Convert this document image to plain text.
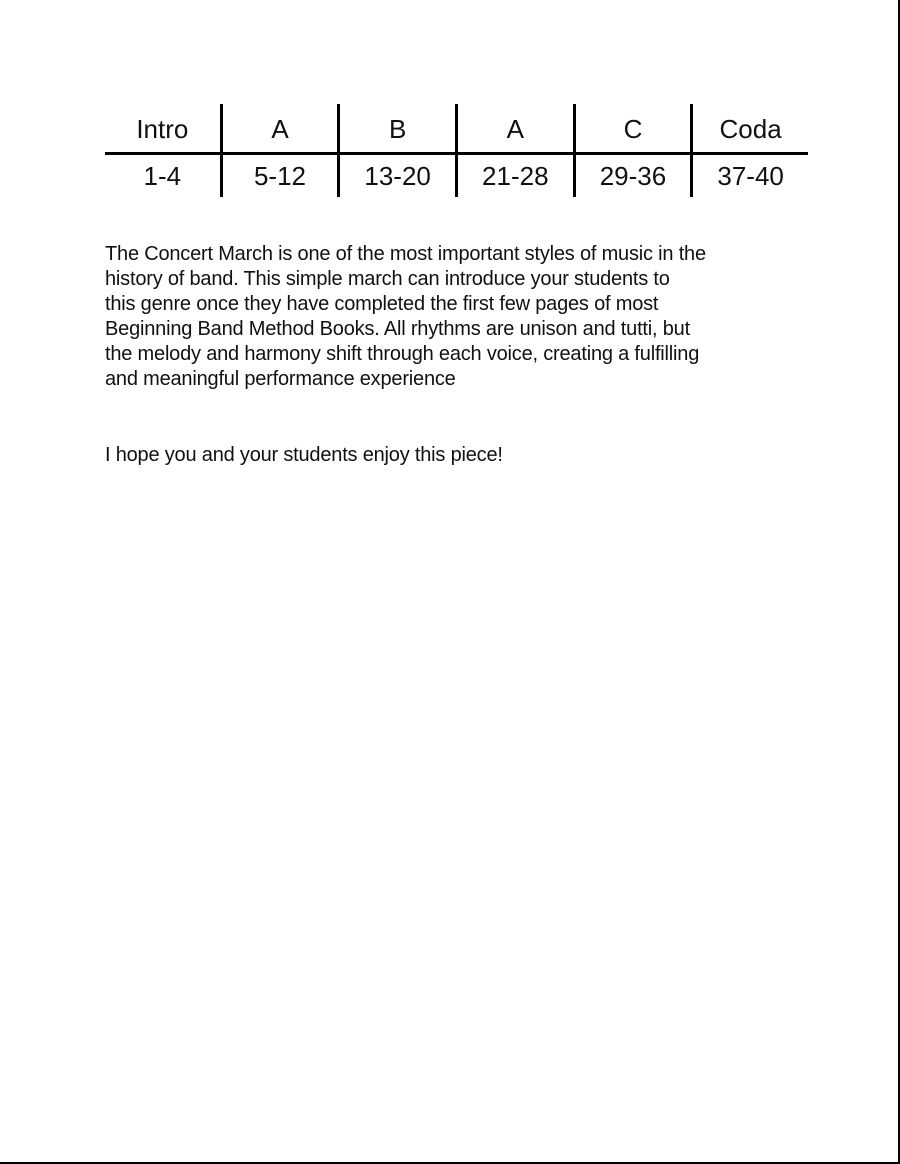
Intro	A	B	A	C	Coda
1-4	5-12	13-20	21-28	29-36	37-40

The Concert March is one of the most important styles of music in the
history of band. This simple march can introduce your students to
this genre once they have completed the first few pages of most
Beginning Band Method Books. All rhythms are unison and tutti, but
the melody and harmony shift through each voice, creating a fulfilling
and meaningful performance experience

I hope you and your students enjoy this piece!
